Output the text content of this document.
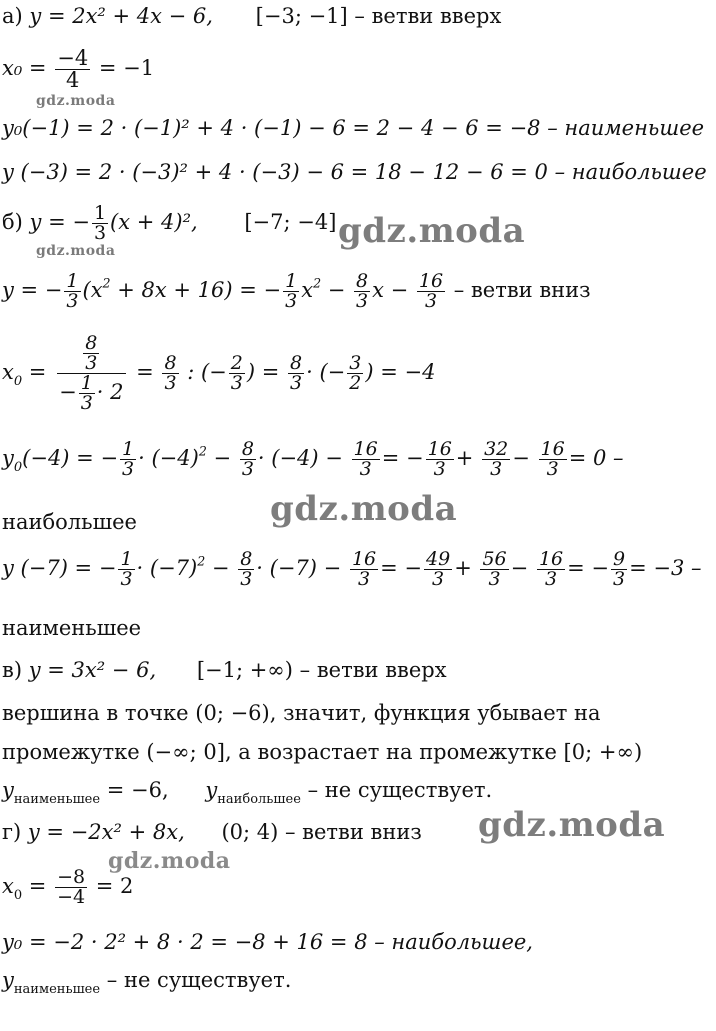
а) y = 2x² + 4x − 6, [−3; −1] – ветви вверх
$x_0 = \frac{-4}{4} = -1$
y₀(−1) = 2 · (−1)² + 4 · (−1) − 6 = 2 − 4 − 6 = −8 – наименьшее
y (−3) = 2 · (−3)² + 4 · (−3) − 6 = 18 − 12 − 6 = 0 – наибольшее
б) y = − $\frac{1}{3} (x + 4)^2$, [−7; −4]
y = − $\frac{1}{3} (x^2 + 8x + 16)$ = − $\frac{1}{3} x^2 - \frac{8}{3}$ $x - \frac{16}{3}$ – ветви вниз
$x_0 = \frac{\frac{8}{3}}{- \frac{1}{3} \cdot 2} = \frac{8}{3}$ : (− $\frac{2}{3}$ ) = $\frac{8}{3}$ · (− $\frac{3}{2}$ ) = −4
$y_0(-4)$ = − $\frac{1}{3} \cdot (-4)^2 - \frac{8}{3} \cdot (-4) - \frac{16}{3}$ = − $\frac{16}{3} + \frac{32}{3} - \frac{16}{3} = 0$ –
наибольшее
y (−7) = − $\frac{1}{3} \cdot (-7)^2 - \frac{8}{3} \cdot (-7) - \frac{16}{3}$ = − $\frac{49}{3} + \frac{56}{3} - \frac{16}{3}$ = − $\frac{9}{3} = -3$ –
наименьшее
в) y = 3x² − 6, [−1; +∞) – ветви вверх
вершина в точке (0; −6), значит, функция убывает на
промежутке (−∞; 0], а возрастает на промежутке [0; +∞)
$y_{наименьшее} = -6$, $y_{наибольшее}$ – не существует.
г) y = −2x² + 8x, (0; 4) – ветви вниз
$x_0 = \frac{-8}{-4} = 2$
y₀ = −2 · 2² + 8 · 2 = −8 + 16 = 8 – наибольшее,
$y_{наименьшее}$ – не существует.
gdz.moda
gdz.moda	gdz.moda
gdz.moda
gdz.moda
gdz.moda
